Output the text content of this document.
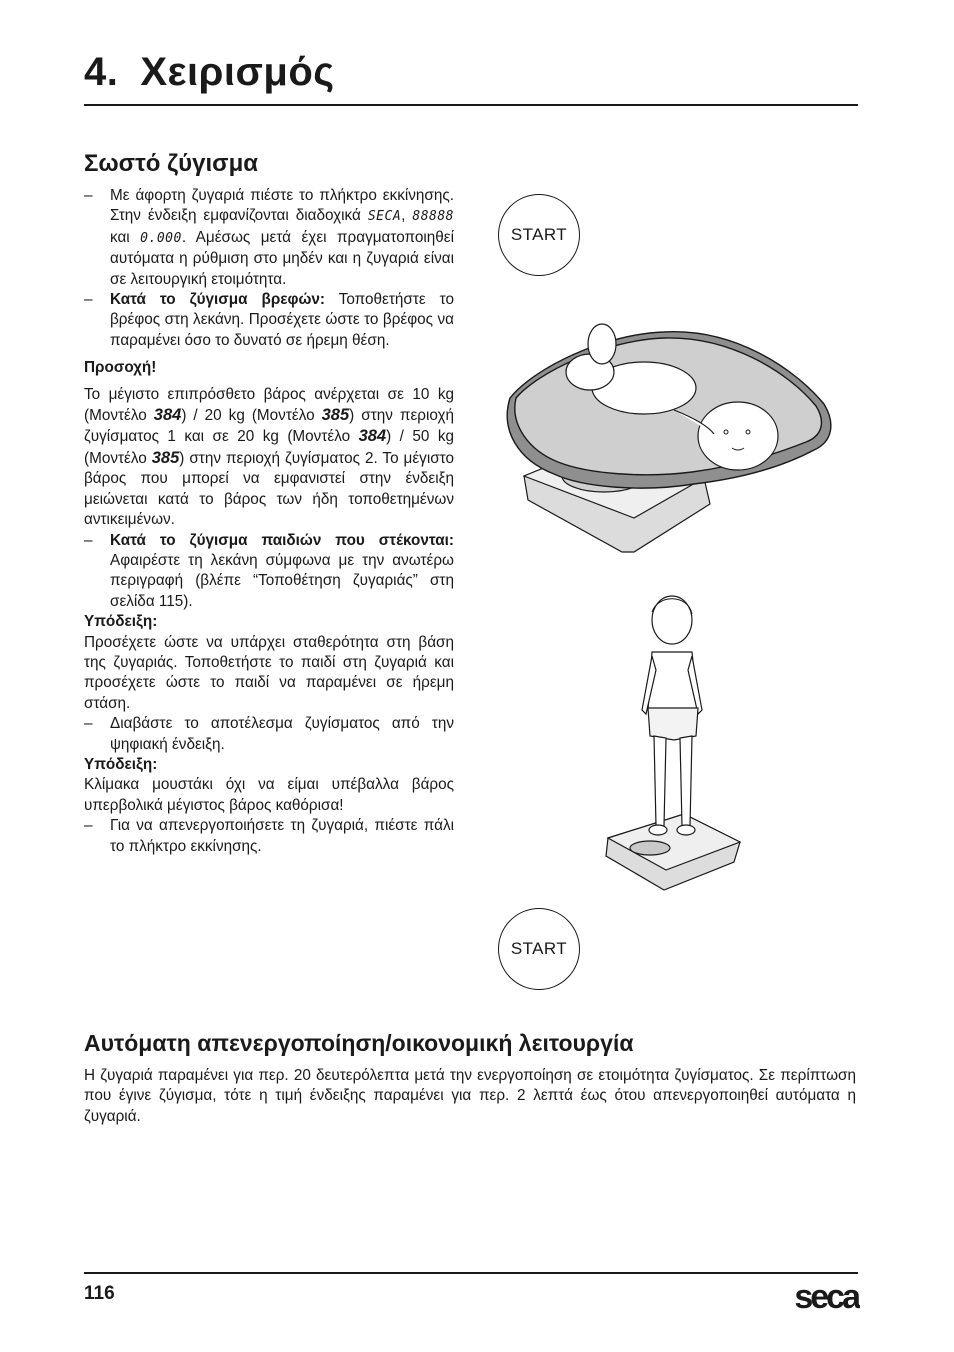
4. Χειρισμός
Σωστό ζύγισμα

– Με άφορτη ζυγαριά πιέστε το πλήκτρο εκκίνησης. Στην ένδειξη εμφανίζονται διαδοχικά SECA, 88888 και 0.000. Αμέσως μετά έχει πραγματοποιηθεί αυτόματα η ρύθμιση στο μηδέν και η ζυγαριά είναι σε λειτουργική ετοιμότητα.

– Κατά το ζύγισμα βρεφών: Τοποθετήστε το βρέφος στη λεκάνη. Προσέχετε ώστε το βρέφος να παραμένει όσο το δυνατό σε ήρεμη θέση.

Προσοχή!

Το μέγιστο επιπρόσθετο βάρος ανέρχεται σε 10 kg (Μοντέλο 384) / 20 kg (Μοντέλο 385) στην περιοχή ζυγίσματος 1 και σε 20 kg (Μοντέλο 384) / 50 kg (Μοντέλο 385) στην περιοχή ζυγίσματος 2. Το μέγιστο βάρος που μπορεί να εμφανιστεί στην ένδειξη μειώνεται κατά το βάρος των ήδη τοποθετημένων αντικειμένων.

– Κατά το ζύγισμα παιδιών που στέκονται: Αφαιρέστε τη λεκάνη σύμφωνα με την ανωτέρω περιγραφή (βλέπε “Τοποθέτηση ζυγαριάς” στη σελίδα 115).

Υπόδειξη:

Προσέχετε ώστε να υπάρχει σταθερότητα στη βάση της ζυγαριάς. Τοποθετήστε το παιδί στη ζυγαριά και προσέχετε ώστε το παιδί να παραμένει σε ήρεμη στάση.

– Διαβάστε το αποτέλεσμα ζυγίσματος από την ψηφιακή ένδειξη.

Υπόδειξη:

Κλίμακα μουστάκι όχι να είμαι υπέβαλλα βάρος υπερβολικά μέγιστος βάρος καθόρισα!

– Για να απενεργοποιήσετε τη ζυγαριά, πιέστε πάλι το πλήκτρο εκκίνησης.

START
START
Αυτόματη απενεργοποίηση/οικονομική λειτουργία

Η ζυγαριά παραμένει για περ. 20 δευτερόλεπτα μετά την ενεργοποίηση σε ετοιμότητα ζυγίσματος. Σε περίπτωση που έγινε ζύγισμα, τότε η τιμή ένδειξης παραμένει για περ. 2 λεπτά έως ότου απενεργοποιηθεί αυτόματα η ζυγαριά.

116	seca
